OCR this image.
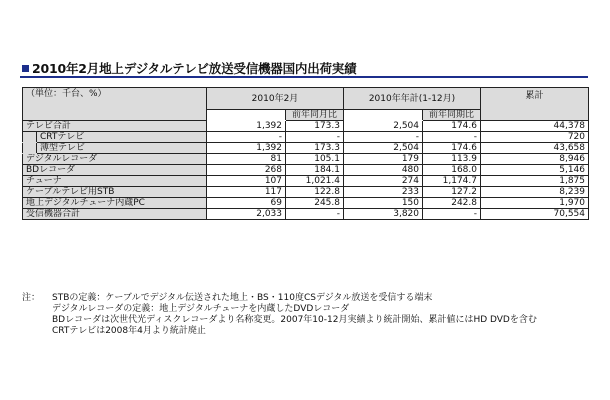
2010年2月地上デジタルテレビ放送受信機器国内出荷実績
（単位：千台、%）		2010年2月		2010年年計(1-12月)		累計
			前年同月比		前年同期比	
テレビ合計		1,392	173.3	2,504	174.6	44,378
	CRTテレビ	-	-	-	-	720
	薄型テレビ	1,392	173.3	2,504	174.6	43,658
デジタルレコーダ		81	105.1	179	113.9	8,946
BDレコーダ		268	184.1	480	168.0	5,146
チューナ		107	1,021.4	274	1,174.7	1,875
ケーブルテレビ用STB		117	122.8	233	127.2	8,239
地上デジタルチューナ内蔵PC		69	245.8	150	242.8	1,970
受信機器合計		2,033	-	3,820	-	70,554
注：	STBの定義：ケーブルでデジタル伝送された地上・BS・110度CSデジタル放送を受信する端末
デジタルレコーダの定義：地上デジタルチューナを内蔵したDVDレコーダ
BDレコーダは次世代光ディスクレコーダより名称変更。2007年10-12月実績より統計開始、累計値にはHD DVDを含む
CRTテレビは2008年4月より統計廃止
